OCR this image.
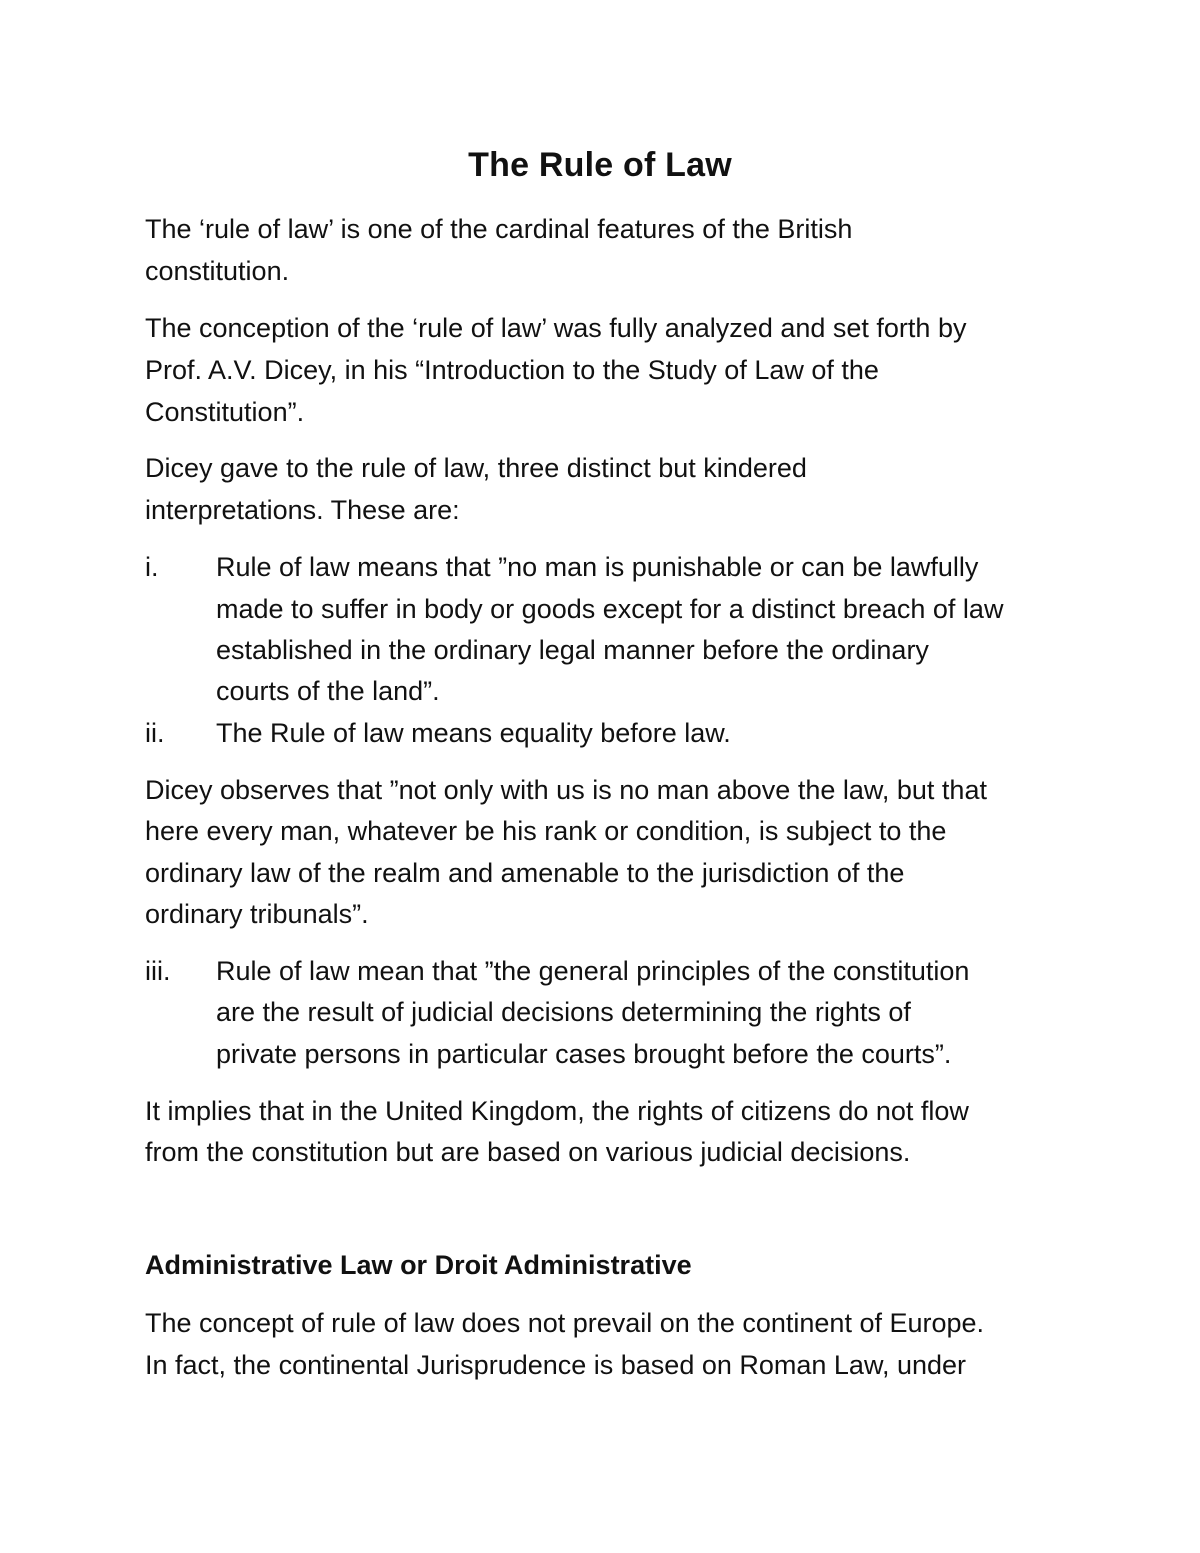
The Rule of Law

The ‘rule of law’ is one of the cardinal features of the British

constitution.

The conception of the ‘rule of law’ was fully analyzed and set forth by

Prof. A.V. Dicey, in his “Introduction to the Study of Law of the

Constitution”.

Dicey gave to the rule of law, three distinct but kindered

interpretations. These are:

i. Rule of law means that ”no man is punishable or can be lawfully

made to suffer in body or goods except for a distinct breach of law

established in the ordinary legal manner before the ordinary

courts of the land”.

ii. The Rule of law means equality before law.

Dicey observes that ”not only with us is no man above the law, but that

here every man, whatever be his rank or condition, is subject to the

ordinary law of the realm and amenable to the jurisdiction of the

ordinary tribunals”.

iii. Rule of law mean that ”the general principles of the constitution

are the result of judicial decisions determining the rights of

private persons in particular cases brought before the courts”.

It implies that in the United Kingdom, the rights of citizens do not flow

from the constitution but are based on various judicial decisions.

Administrative Law or Droit Administrative

The concept of rule of law does not prevail on the continent of Europe.

In fact, the continental Jurisprudence is based on Roman Law, under
